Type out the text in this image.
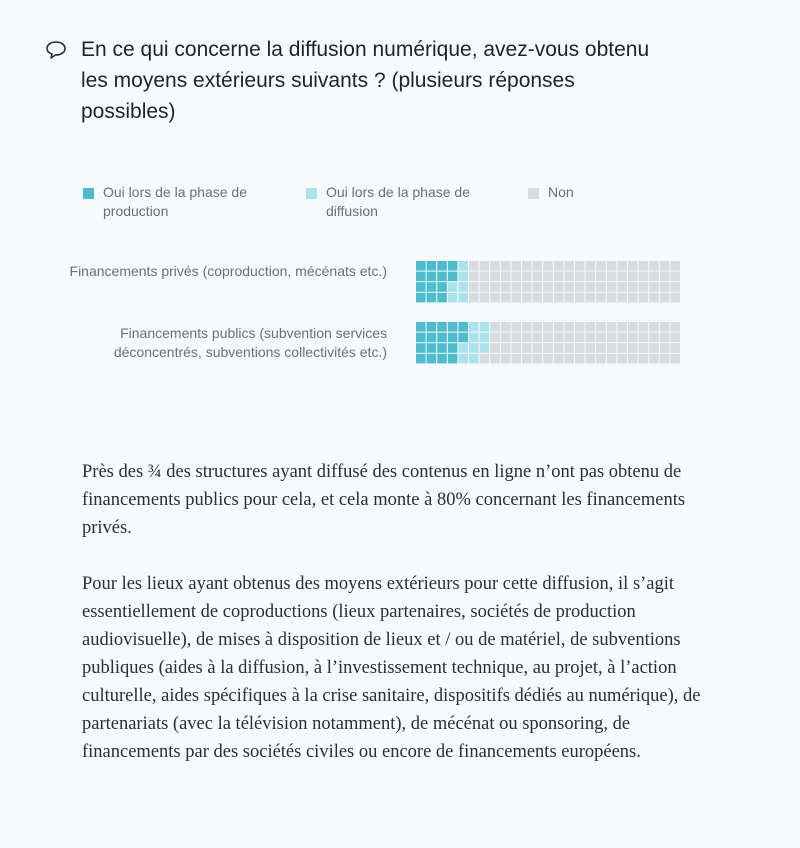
En ce qui concerne la diffusion numérique, avez-vous obtenu les moyens extérieurs suivants ? (plusieurs réponses possibles)
Oui lors de la phase de production
Oui lors de la phase de diffusion
Non
Financements privés (coproduction, mécénats etc.)
Financements publics (subvention services déconcentrés, subventions collectivités etc.)

Près des ¾ des structures ayant diffusé des contenus en ligne n’ont pas obtenu de financements publics pour cela, et cela monte à 80% concernant les financements privés.

Pour les lieux ayant obtenus des moyens extérieurs pour cette diffusion, il s’agit essentiellement de coproductions (lieux partenaires, sociétés de production audiovisuelle), de mises à disposition de lieux et / ou de matériel, de subventions publiques (aides à la diffusion, à l’investissement technique, au projet, à l’action culturelle, aides spécifiques à la crise sanitaire, dispositifs dédiés au numérique), de partenariats (avec la télévision notamment), de mécénat ou sponsoring, de financements par des sociétés civiles ou encore de financements européens.
